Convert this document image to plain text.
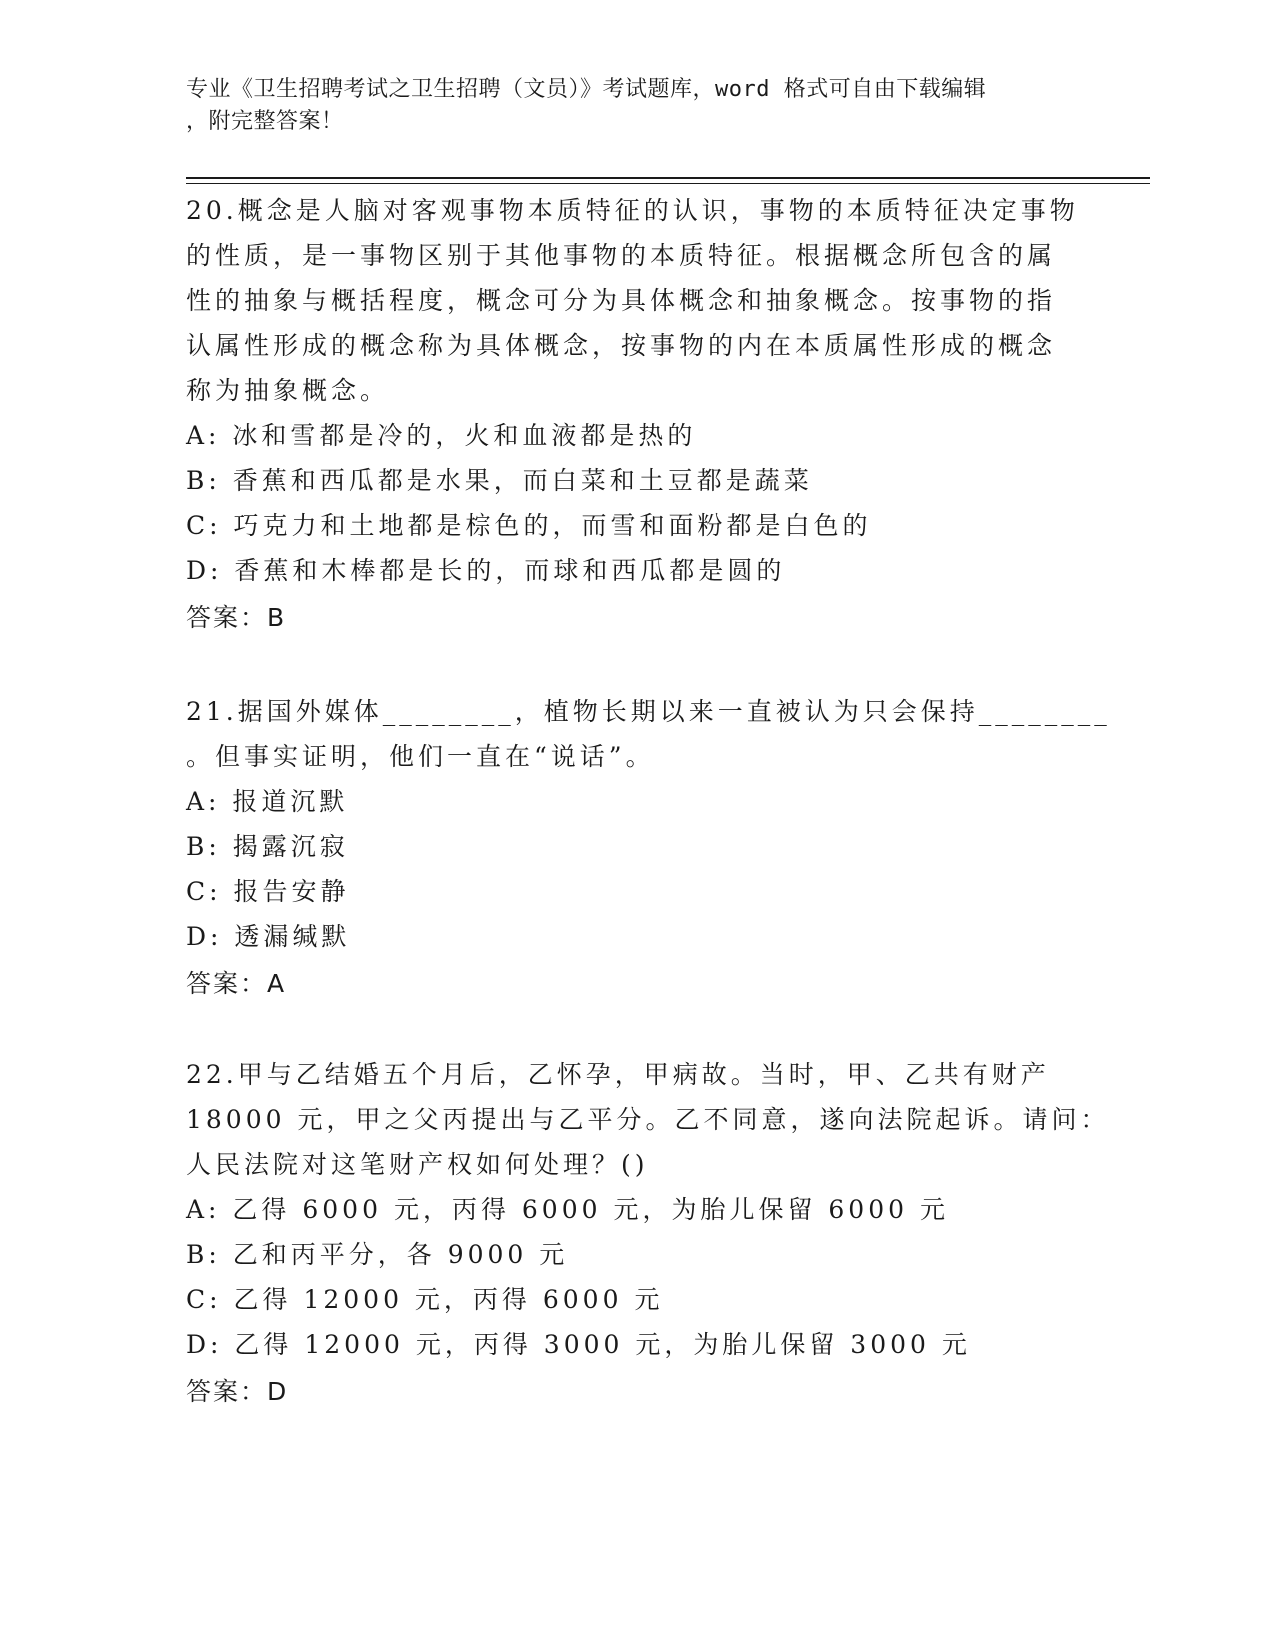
专业《卫生招聘考试之卫生招聘（文员）》考试题库，word 格式可自由下载编辑
，附完整答案！
20.概念是人脑对客观事物本质特征的认识，事物的本质特征决定事物
的性质，是一事物区别于其他事物的本质特征。根据概念所包含的属
性的抽象与概括程度，概念可分为具体概念和抽象概念。按事物的指
认属性形成的概念称为具体概念，按事物的内在本质属性形成的概念
称为抽象概念。
A: 冰和雪都是冷的，火和血液都是热的
B: 香蕉和西瓜都是水果，而白菜和土豆都是蔬菜
C: 巧克力和土地都是棕色的，而雪和面粉都是白色的
D: 香蕉和木棒都是长的，而球和西瓜都是圆的
答案：B
21.据国外媒体________，植物长期以来一直被认为只会保持________
。但事实证明，他们一直在“说话”。
A: 报道沉默
B: 揭露沉寂
C: 报告安静
D: 透漏缄默
答案：A
22.甲与乙结婚五个月后，乙怀孕，甲病故。当时，甲、乙共有财产
18000 元，甲之父丙提出与乙平分。乙不同意，遂向法院起诉。请问：
人民法院对这笔财产权如何处理？()
A: 乙得 6000 元，丙得 6000 元，为胎儿保留 6000 元
B: 乙和丙平分，各 9000 元
C: 乙得 12000 元，丙得 6000 元
D: 乙得 12000 元，丙得 3000 元，为胎儿保留 3000 元
答案：D
